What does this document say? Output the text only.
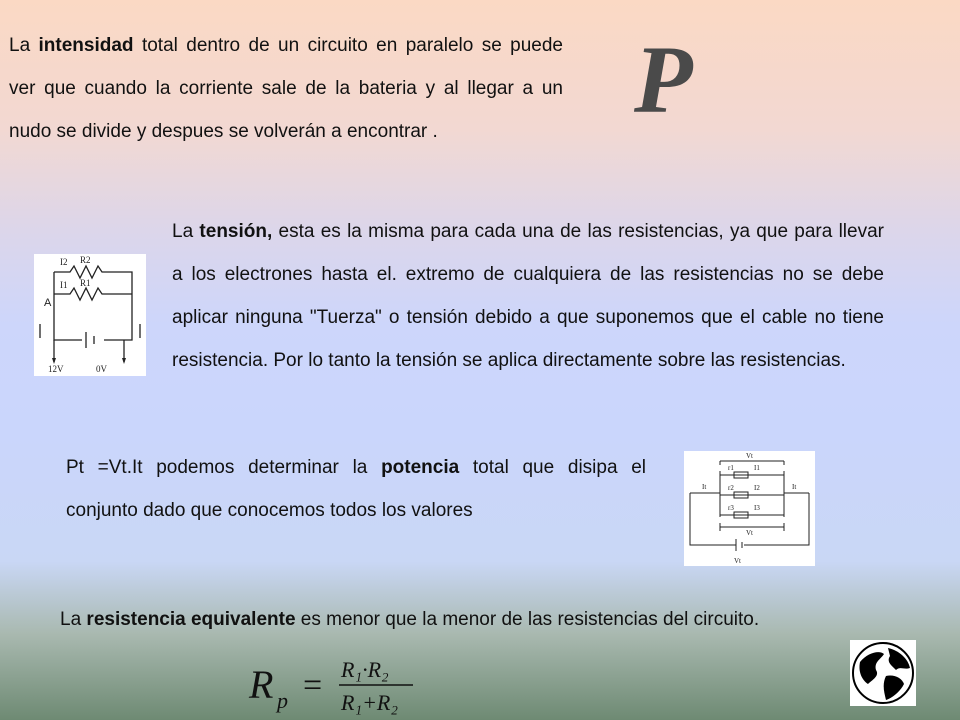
La intensidad total dentro de un circuito en paralelo se puede ver que cuando la corriente sale de la bateria y al llegar a un nudo se divide y despues se volverán a encontrar .	P
I2 R2
I1 R1
A
12V	0V
La tensión, esta es la misma para cada una de las resistencias, ya que para llevar a los electrones hasta el. extremo de cualquiera de las resistencias no se debe aplicar ninguna "Tuerza" o tensión debido a que suponemos que el cable no tiene resistencia. Por lo tanto la tensión se aplica directamente sobre las resistencias.
Pt =Vt.It podemos determinar la potencia total que disipa el conjunto dado que conocemos todos los valores
Vt
r1	I1
r2	I2
r3	I3
It	It
Vt
Vt
La resistencia equivalente es menor que la menor de las resistencias del circuito.
R p = R₁·R₂
R₁+R₂
